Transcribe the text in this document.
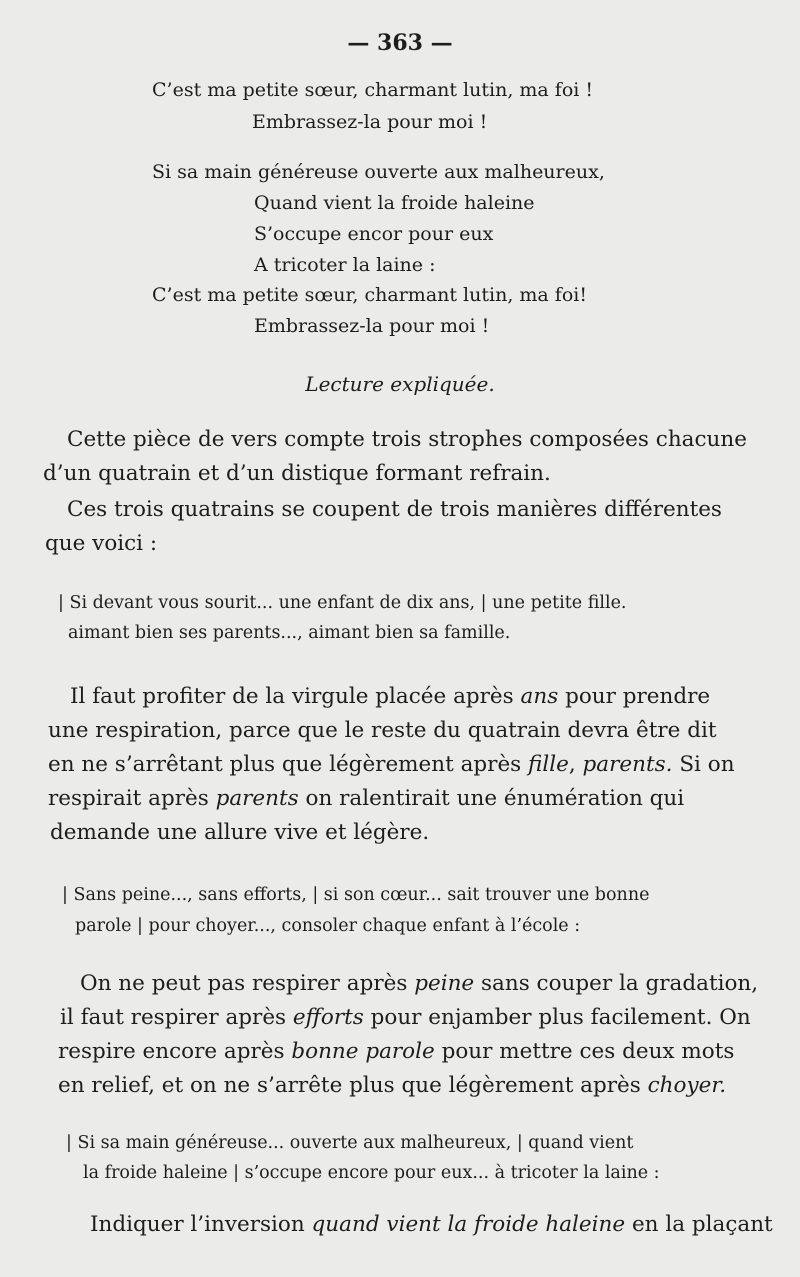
— 363 —
C’est ma petite sœur, charmant lutin, ma foi !
Embrassez-la pour moi !
Si sa main généreuse ouverte aux malheureux,
Quand vient la froide haleine
S’occupe encor pour eux
A tricoter la laine :
C’est ma petite sœur, charmant lutin, ma foi!
Embrassez-la pour moi !
Lecture expliquée.
Cette pièce de vers compte trois strophes composées chacune
d’un quatrain et d’un distique formant refrain.
Ces trois quatrains se coupent de trois manières différentes
que voici :
| Si devant vous sourit... une enfant de dix ans, | une petite fille.
aimant bien ses parents..., aimant bien sa famille.
Il faut profiter de la virgule placée après ans pour prendre
une respiration, parce que le reste du quatrain devra être dit
en ne s’arrêtant plus que légèrement après fille, parents. Si on
respirait après parents on ralentirait une énumération qui
demande une allure vive et légère.
| Sans peine..., sans efforts, | si son cœur... sait trouver une bonne
parole | pour choyer..., consoler chaque enfant à l’école :
On ne peut pas respirer après peine sans couper la gradation,
il faut respirer après efforts pour enjamber plus facilement. On
respire encore après bonne parole pour mettre ces deux mots
en relief, et on ne s’arrête plus que légèrement après choyer.
| Si sa main généreuse... ouverte aux malheureux, | quand vient
la froide haleine | s’occupe encore pour eux... à tricoter la laine :
Indiquer l’inversion quand vient la froide haleine en la plaçant
